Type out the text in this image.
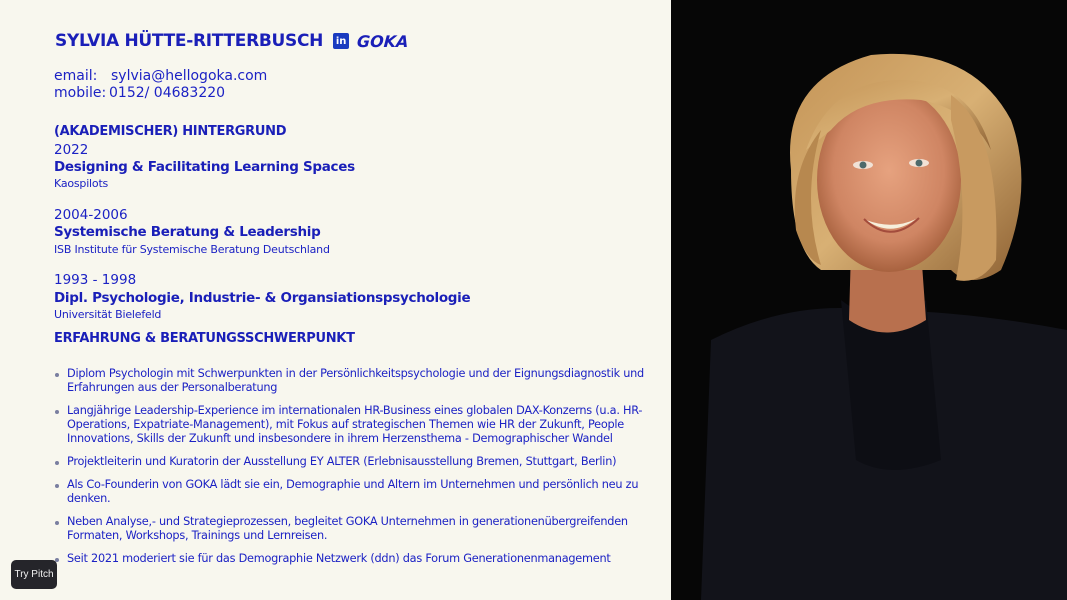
SYLVIA HÜTTE-RITTERBUSCH in GOKA
email: sylvia@hellogoka.com
mobile: 0152/ 04683220
(AKADEMISCHER) HINTERGRUND
2022
Designing & Facilitating Learning Spaces
Kaospilots
2004-2006
Systemische Beratung & Leadership
ISB Institute für Systemische Beratung Deutschland
1993 - 1998
Dipl. Psychologie, Industrie- & Organsiationspsychologie
Universität Bielefeld
ERFAHRUNG & BERATUNGSSCHWERPUNKT
Diplom Psychologin mit Schwerpunkten in der Persönlichkeitspsychologie und der Eignungsdiagnostik und Erfahrungen aus der Personalberatung
Langjährige Leadership-Experience im internationalen HR-Business eines globalen DAX-Konzerns (u.a. HR-Operations, Expatriate-Management), mit Fokus auf strategischen Themen wie HR der Zukunft, People Innovations, Skills der Zukunft und insbesondere in ihrem Herzensthema - Demographischer Wandel
Projektleiterin und Kuratorin der Ausstellung EY ALTER (Erlebnisausstellung Bremen, Stuttgart, Berlin)
Als Co-Founderin von GOKA lädt sie ein, Demographie und Altern im Unternehmen und persönlich neu zu denken.
Neben Analyse,- und Strategieprozessen, begleitet GOKA Unternehmen in generationenübergreifenden Formaten, Workshops, Trainings und Lernreisen.
Seit 2021 moderiert sie für das Demographie Netzwerk (ddn) das Forum Generationenmanagement
Try Pitch
